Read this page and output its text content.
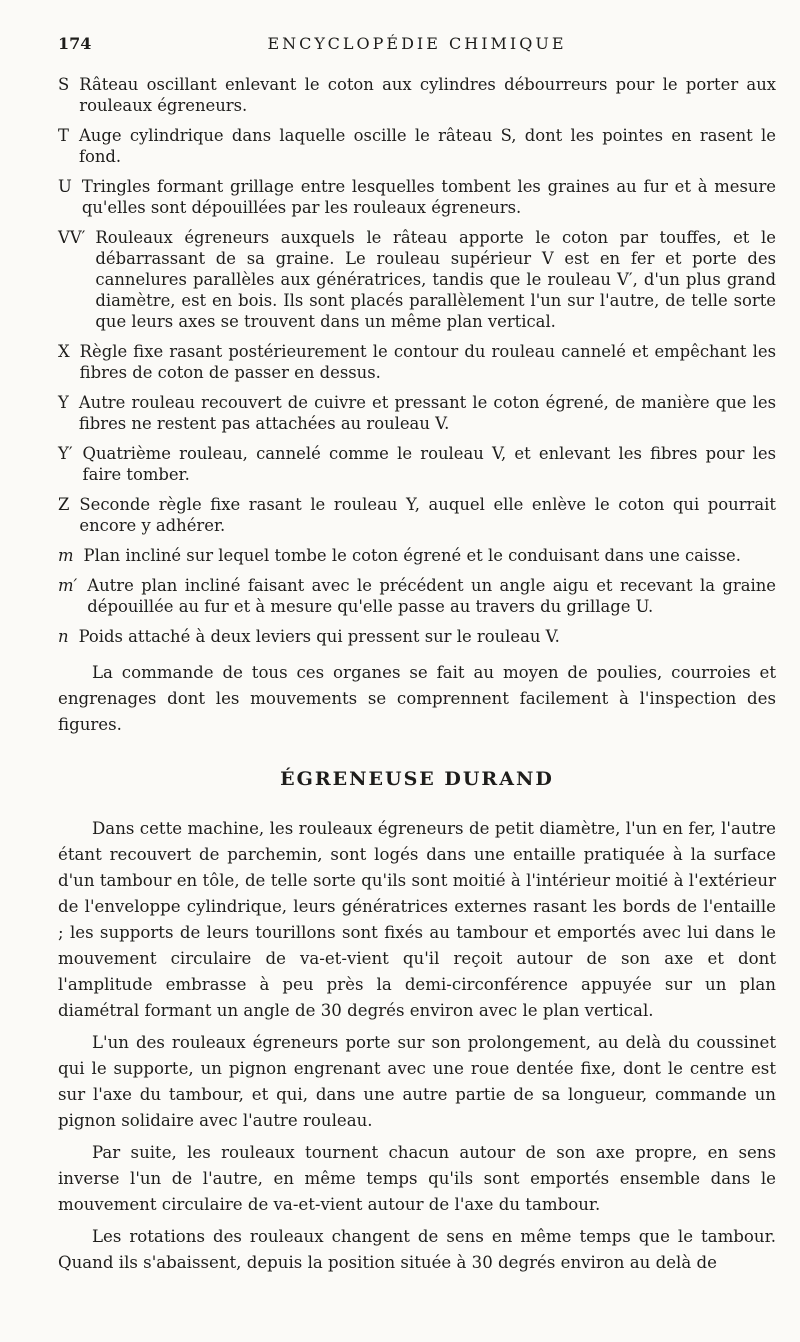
174	ENCYCLOPÉDIE CHIMIQUE
S Râteau oscillant enlevant le coton aux cylindres débourreurs pour le porter aux rouleaux égreneurs.
T Auge cylindrique dans laquelle oscille le râteau S, dont les pointes en rasent le fond.
U Tringles formant grillage entre lesquelles tombent les graines au fur et à mesure qu'elles sont dépouillées par les rouleaux égreneurs.
VV′ Rouleaux égreneurs auxquels le râteau apporte le coton par touffes, et le débarrassant de sa graine. Le rouleau supérieur V est en fer et porte des cannelures parallèles aux génératrices, tandis que le rouleau V′, d'un plus grand diamètre, est en bois. Ils sont placés parallèlement l'un sur l'autre, de telle sorte que leurs axes se trouvent dans un même plan vertical.
X Règle fixe rasant postérieurement le contour du rouleau cannelé et empêchant les fibres de coton de passer en dessus.
Y Autre rouleau recouvert de cuivre et pressant le coton égrené, de manière que les fibres ne restent pas attachées au rouleau V.
Y′ Quatrième rouleau, cannelé comme le rouleau V, et enlevant les fibres pour les faire tomber.
Z Seconde règle fixe rasant le rouleau Y, auquel elle enlève le coton qui pourrait encore y adhérer.
m Plan incliné sur lequel tombe le coton égrené et le conduisant dans une caisse.
m′ Autre plan incliné faisant avec le précédent un angle aigu et recevant la graine dépouillée au fur et à mesure qu'elle passe au travers du grillage U.
n Poids attaché à deux leviers qui pressent sur le rouleau V.

La commande de tous ces organes se fait au moyen de poulies, courroies et engrenages dont les mouvements se comprennent facilement à l'inspection des figures.

ÉGRENEUSE DURAND

Dans cette machine, les rouleaux égreneurs de petit diamètre, l'un en fer, l'autre étant recouvert de parchemin, sont logés dans une entaille pratiquée à la surface d'un tambour en tôle, de telle sorte qu'ils sont moitié à l'intérieur moitié à l'extérieur de l'enveloppe cylindrique, leurs génératrices externes rasant les bords de l'entaille ; les supports de leurs tourillons sont fixés au tambour et emportés avec lui dans le mouvement circulaire de va-et-vient qu'il reçoit autour de son axe et dont l'amplitude embrasse à peu près la demi-circonférence appuyée sur un plan diamétral formant un angle de 30 degrés environ avec le plan vertical.

L'un des rouleaux égreneurs porte sur son prolongement, au delà du coussinet qui le supporte, un pignon engrenant avec une roue dentée fixe, dont le centre est sur l'axe du tambour, et qui, dans une autre partie de sa longueur, commande un pignon solidaire avec l'autre rouleau.

Par suite, les rouleaux tournent chacun autour de son axe propre, en sens inverse l'un de l'autre, en même temps qu'ils sont emportés ensemble dans le mouvement circulaire de va-et-vient autour de l'axe du tambour.

Les rotations des rouleaux changent de sens en même temps que le tambour. Quand ils s'abaissent, depuis la position située à 30 degrés environ au delà de
